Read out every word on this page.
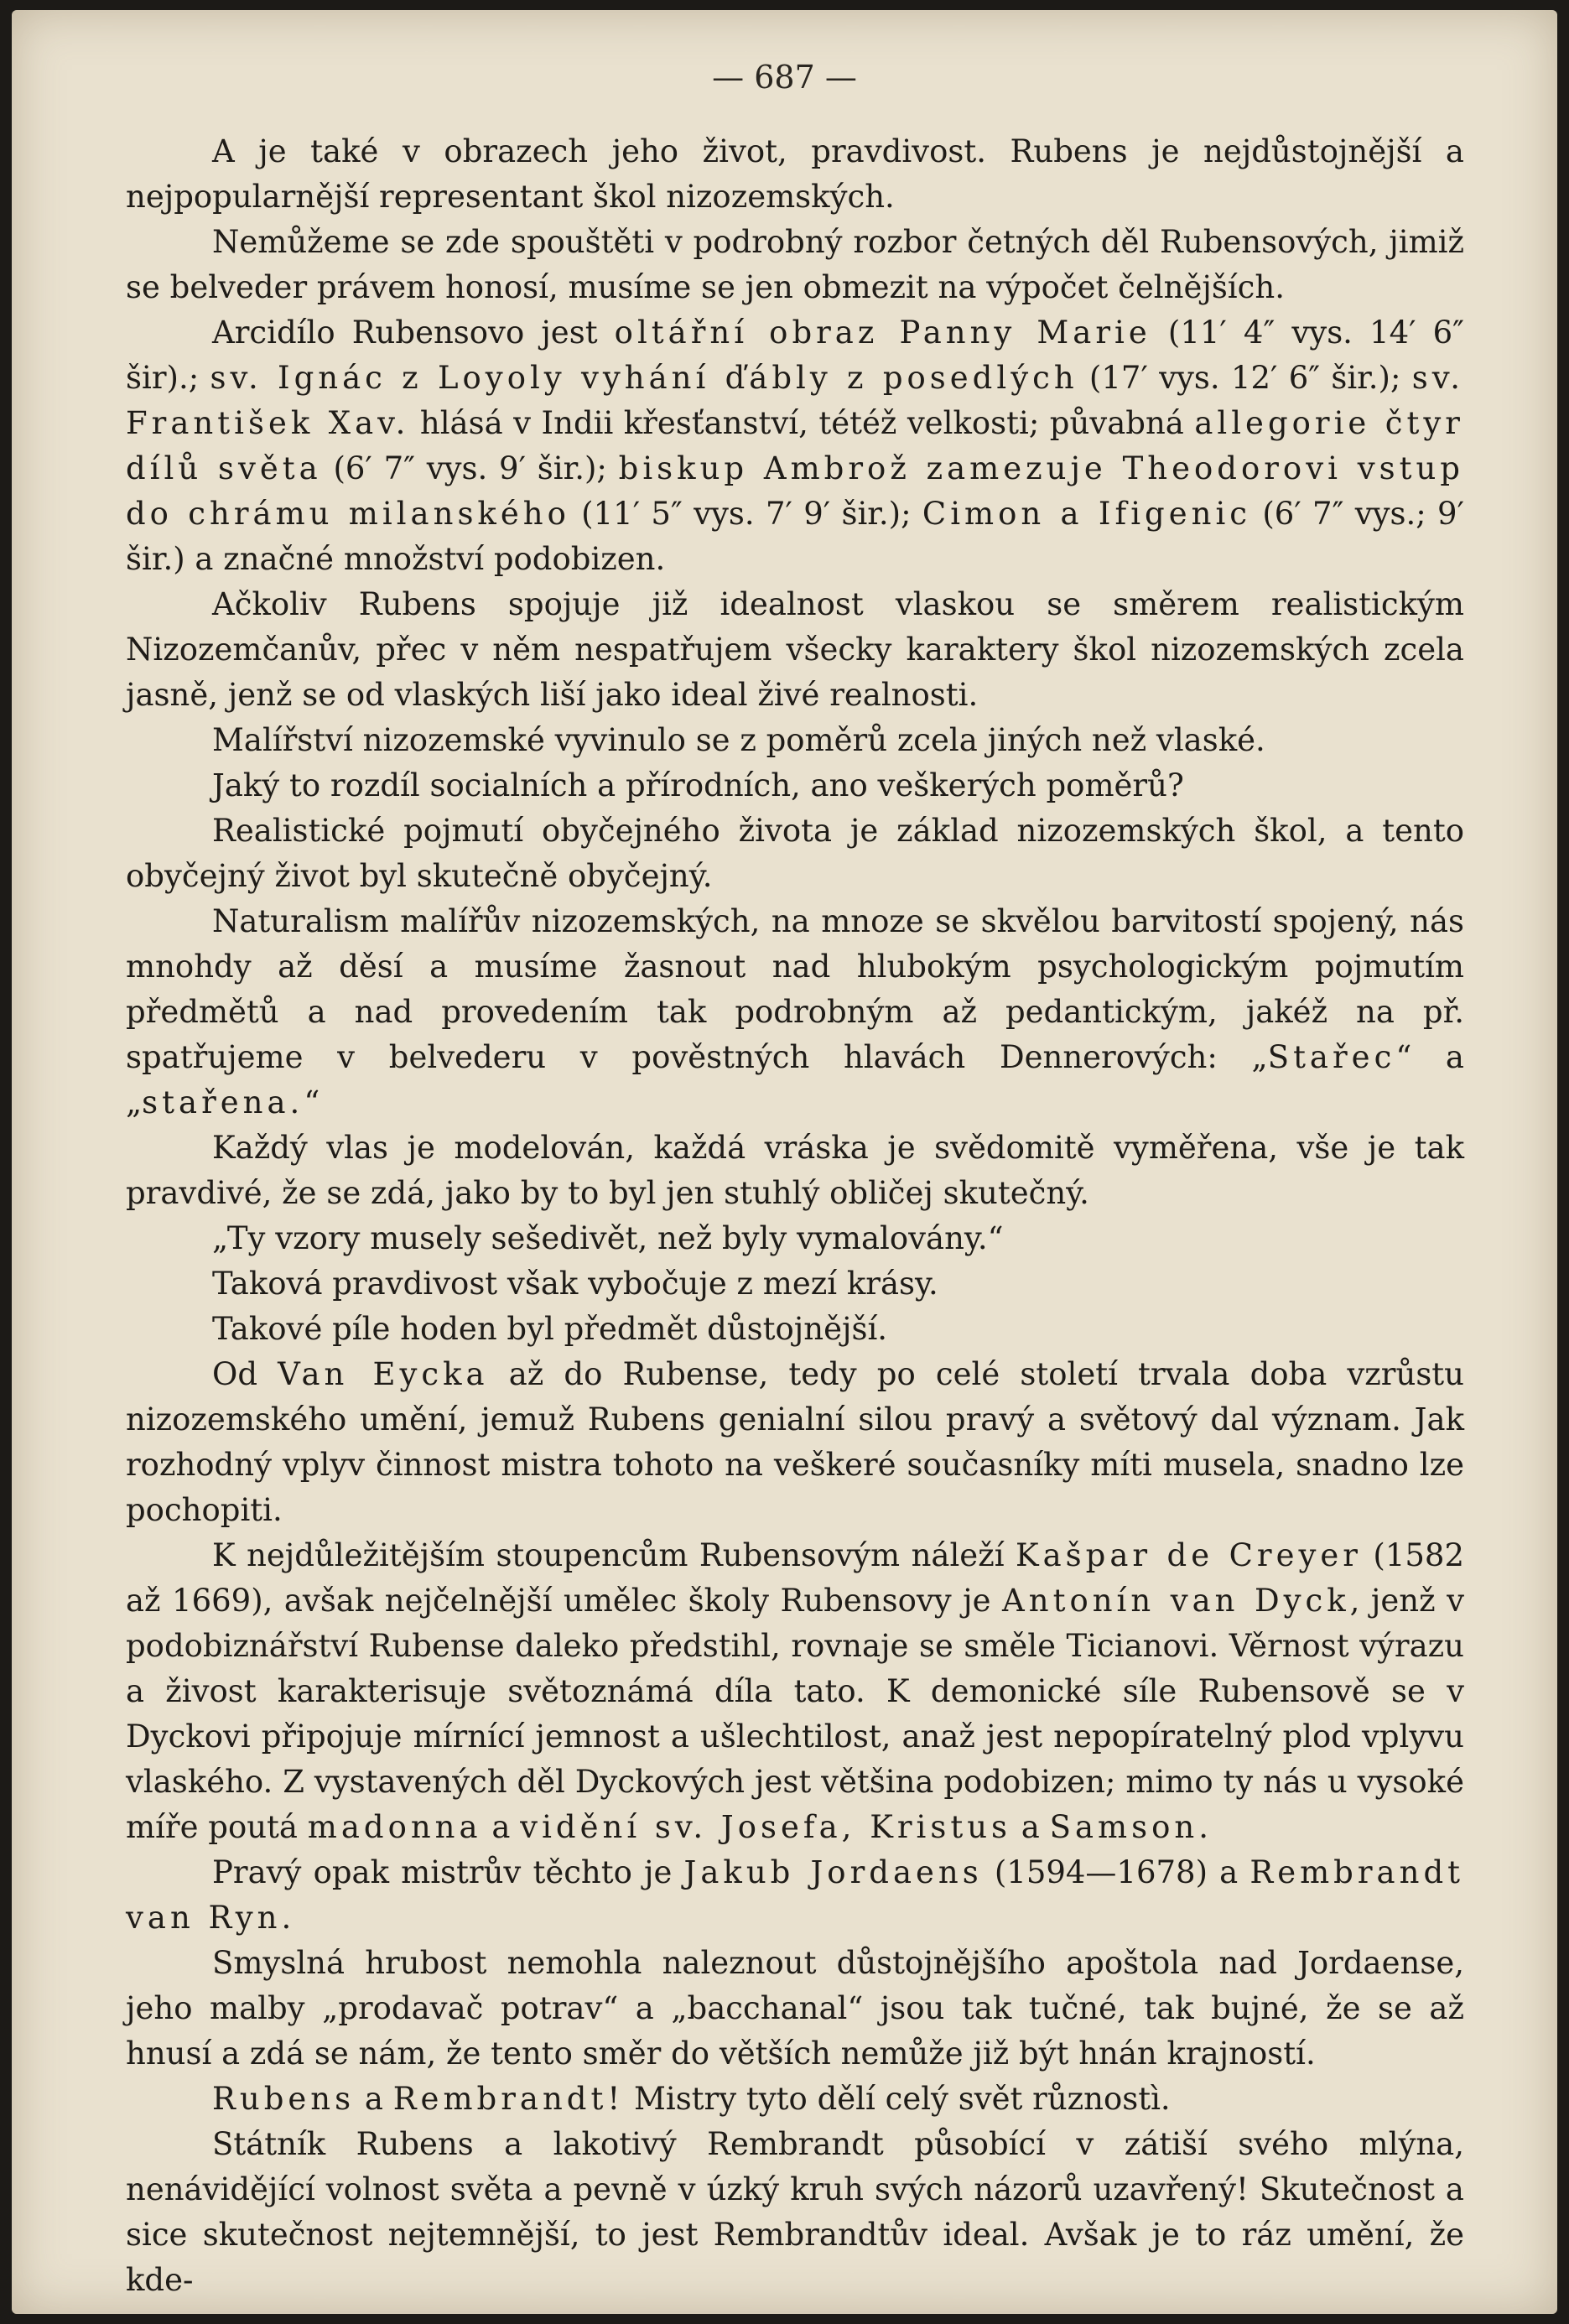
— 687 —

A je také v obrazech jeho život, pravdivost. Rubens je nejdůstojnější a nejpopularnější representant škol nizozemských.

Nemůžeme se zde spouštěti v podrobný rozbor četných děl Rubensových, jimiž se belveder právem honosí, musíme se jen obmezit na výpočet čelnějších.

Arcidílo Rubensovo jest oltářní obraz Panny Marie (11′ 4″ vys. 14′ 6″ šir).; sv. Ignác z Loyoly vyhání ďábly z posedlých (17′ vys. 12′ 6″ šir.); sv. František Xav. hlásá v Indii křesťanství, tétéž velkosti; půvabná allegorie čtyr dílů světa (6′ 7″ vys. 9′ šir.); biskup Ambrož zamezuje Theodorovi vstup do chrámu milanského (11′ 5″ vys. 7′ 9′ šir.); Cimon a Ifigenic (6′ 7″ vys.; 9′ šir.) a značné množství podobizen.

Ačkoliv Rubens spojuje již idealnost vlaskou se směrem realistickým Nizozemčanův, přec v něm nespatřujem všecky karaktery škol nizozemských zcela jasně, jenž se od vlaských liší jako ideal živé realnosti.

Malířství nizozemské vyvinulo se z poměrů zcela jiných než vlaské.

Jaký to rozdíl socialních a přírodních, ano veškerých poměrů?

Realistické pojmutí obyčejného života je základ nizozemských škol, a tento obyčejný život byl skutečně obyčejný.

Naturalism malířův nizozemských, na mnoze se skvělou barvitostí spojený, nás mnohdy až děsí a musíme žasnout nad hlubokým psychologickým pojmutím předmětů a nad provedením tak podrobným až pedantickým, jakéž na př. spatřujeme v belvederu v pověstných hlavách Dennerových: „Stařec“ a „stařena.“

Každý vlas je modelován, každá vráska je svědomitě vyměřena, vše je tak pravdivé, že se zdá, jako by to byl jen stuhlý obličej skutečný.

„Ty vzory musely sešedivět, než byly vymalovány.“

Taková pravdivost však vybočuje z mezí krásy.

Takové píle hoden byl předmět důstojnější.

Od Van Eycka až do Rubense, tedy po celé století trvala doba vzrůstu nizozemského umění, jemuž Rubens genialní silou pravý a světový dal význam. Jak rozhodný vplyv činnost mistra tohoto na veškeré současníky míti musela, snadno lze pochopiti.

K nejdůležitějším stoupencům Rubensovým náleží Kašpar de Creyer (1582 až 1669), avšak nejčelnější umělec školy Rubensovy je Antonín van Dyck, jenž v podobiznářství Rubense daleko předstihl, rovnaje se směle Ticianovi. Věrnost výrazu a živost karakterisuje světoznámá díla tato. K demonické síle Rubensově se v Dyckovi připojuje mírnící jemnost a ušlechtilost, anaž jest nepopíratelný plod vplyvu vlaského. Z vystavených děl Dyckových jest většina podobizen; mimo ty nás u vysoké míře poutá madonna a vidění sv. Josefa, Kristus a Samson.

Pravý opak mistrův těchto je Jakub Jordaens (1594—1678) a Rembrandt van Ryn.

Smyslná hrubost nemohla naleznout důstojnějšího apoštola nad Jordaense, jeho malby „prodavač potrav“ a „bacchanal“ jsou tak tučné, tak bujné, že se až hnusí a zdá se nám, že tento směr do větších nemůže již být hnán krajností.

Rubens a Rembrandt! Mistry tyto dělí celý svět různostì.

Státník Rubens a lakotivý Rembrandt působící v zátiší svého mlýna, nenávidějící volnost světa a pevně v úzký kruh svých názorů uzavřený! Skutečnost a sice skutečnost nejtemnější, to jest Rembrandtův ideal. Avšak je to ráz umění, že kde-
